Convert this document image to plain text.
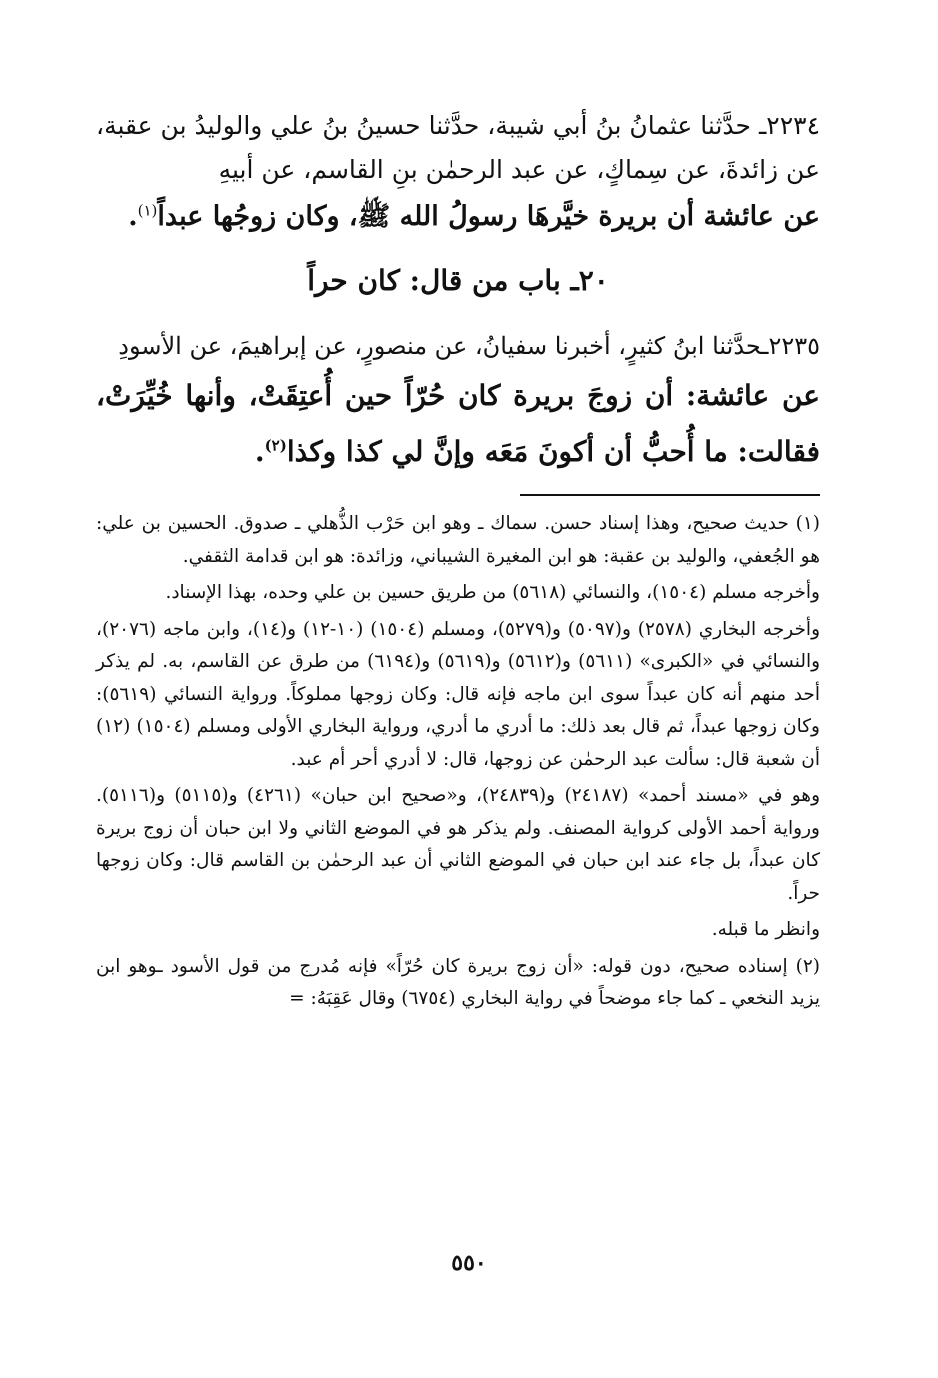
٢٢٣٤ـ حدَّثنا عثمانُ بنُ أبي شيبة، حدَّثنا حسينُ بنُ علي والوليدُ بن عقبة، عن زائدةَ، عن سِماكٍ، عن عبد الرحمٰن بنِ القاسم، عن أبيهِ
عن عائشة أن بريرة خيَّرهَا رسولُ الله ﷺ، وكان زوجُها عبداً$^{(١)}$.

٢٠ـ باب من قال: كان حراً

٢٢٣٥ـحدَّثنا ابنُ كثيرٍ، أخبرنا سفيانُ، عن منصورٍ، عن إبراهيمَ، عن الأسودِ

عن عائشة: أن زوجَ بريرة كان حُرّاً حين أُعتِقَتْ، وأنها خُيِّرَتْ، فقالت: ما أُحبُّ أن أكونَ مَعَه وإنَّ لي كذا وكذا$^{(٢)}$.

(١) حديث صحيح، وهذا إسناد حسن. سماك ـ وهو ابن حَرْب الذُّهلي ـ صدوق. الحسين بن علي: هو الجُعفي، والوليد بن عقبة: هو ابن المغيرة الشيباني، وزائدة: هو ابن قدامة الثقفي.

وأخرجه مسلم (١٥٠٤)، والنسائي (٥٦١٨) من طريق حسين بن علي وحده، بهذا الإسناد.

وأخرجه البخاري (٢٥٧٨) و(٥٠٩٧) و(٥٢٧٩)، ومسلم (١٥٠٤) (١٠-١٢) و(١٤)، وابن ماجه (٢٠٧٦)، والنسائي في «الكبرى» (٥٦١١) و(٥٦١٢) و(٥٦١٩) و(٦١٩٤) من طرق عن القاسم، به. لم يذكر أحد منهم أنه كان عبداً سوى ابن ماجه فإنه قال: وكان زوجها مملوكاً. ورواية النسائي (٥٦١٩): وكان زوجها عبداً، ثم قال بعد ذلك: ما أدري ما أدري، ورواية البخاري الأولى ومسلم (١٥٠٤) (١٢) أن شعبة قال: سألت عبد الرحمٰن عن زوجها، قال: لا أدري أحر أم عبد.

وهو في «مسند أحمد» (٢٤١٨٧) و(٢٤٨٣٩)، و«صحيح ابن حبان» (٤٢٦١) و(٥١١٥) و(٥١١٦). ورواية أحمد الأولى كرواية المصنف. ولم يذكر هو في الموضع الثاني ولا ابن حبان أن زوج بريرة كان عبداً، بل جاء عند ابن حبان في الموضع الثاني أن عبد الرحمٰن بن القاسم قال: وكان زوجها حراً.

وانظر ما قبله.

(٢) إسناده صحيح، دون قوله: «أن زوج بريرة كان حُرّاً» فإنه مُدرج من قول الأسود ـوهو ابن يزيد النخعي ـ كما جاء موضحاً في رواية البخاري (٦٧٥٤) وقال عَقِبَهُ: =

٥٥٠
